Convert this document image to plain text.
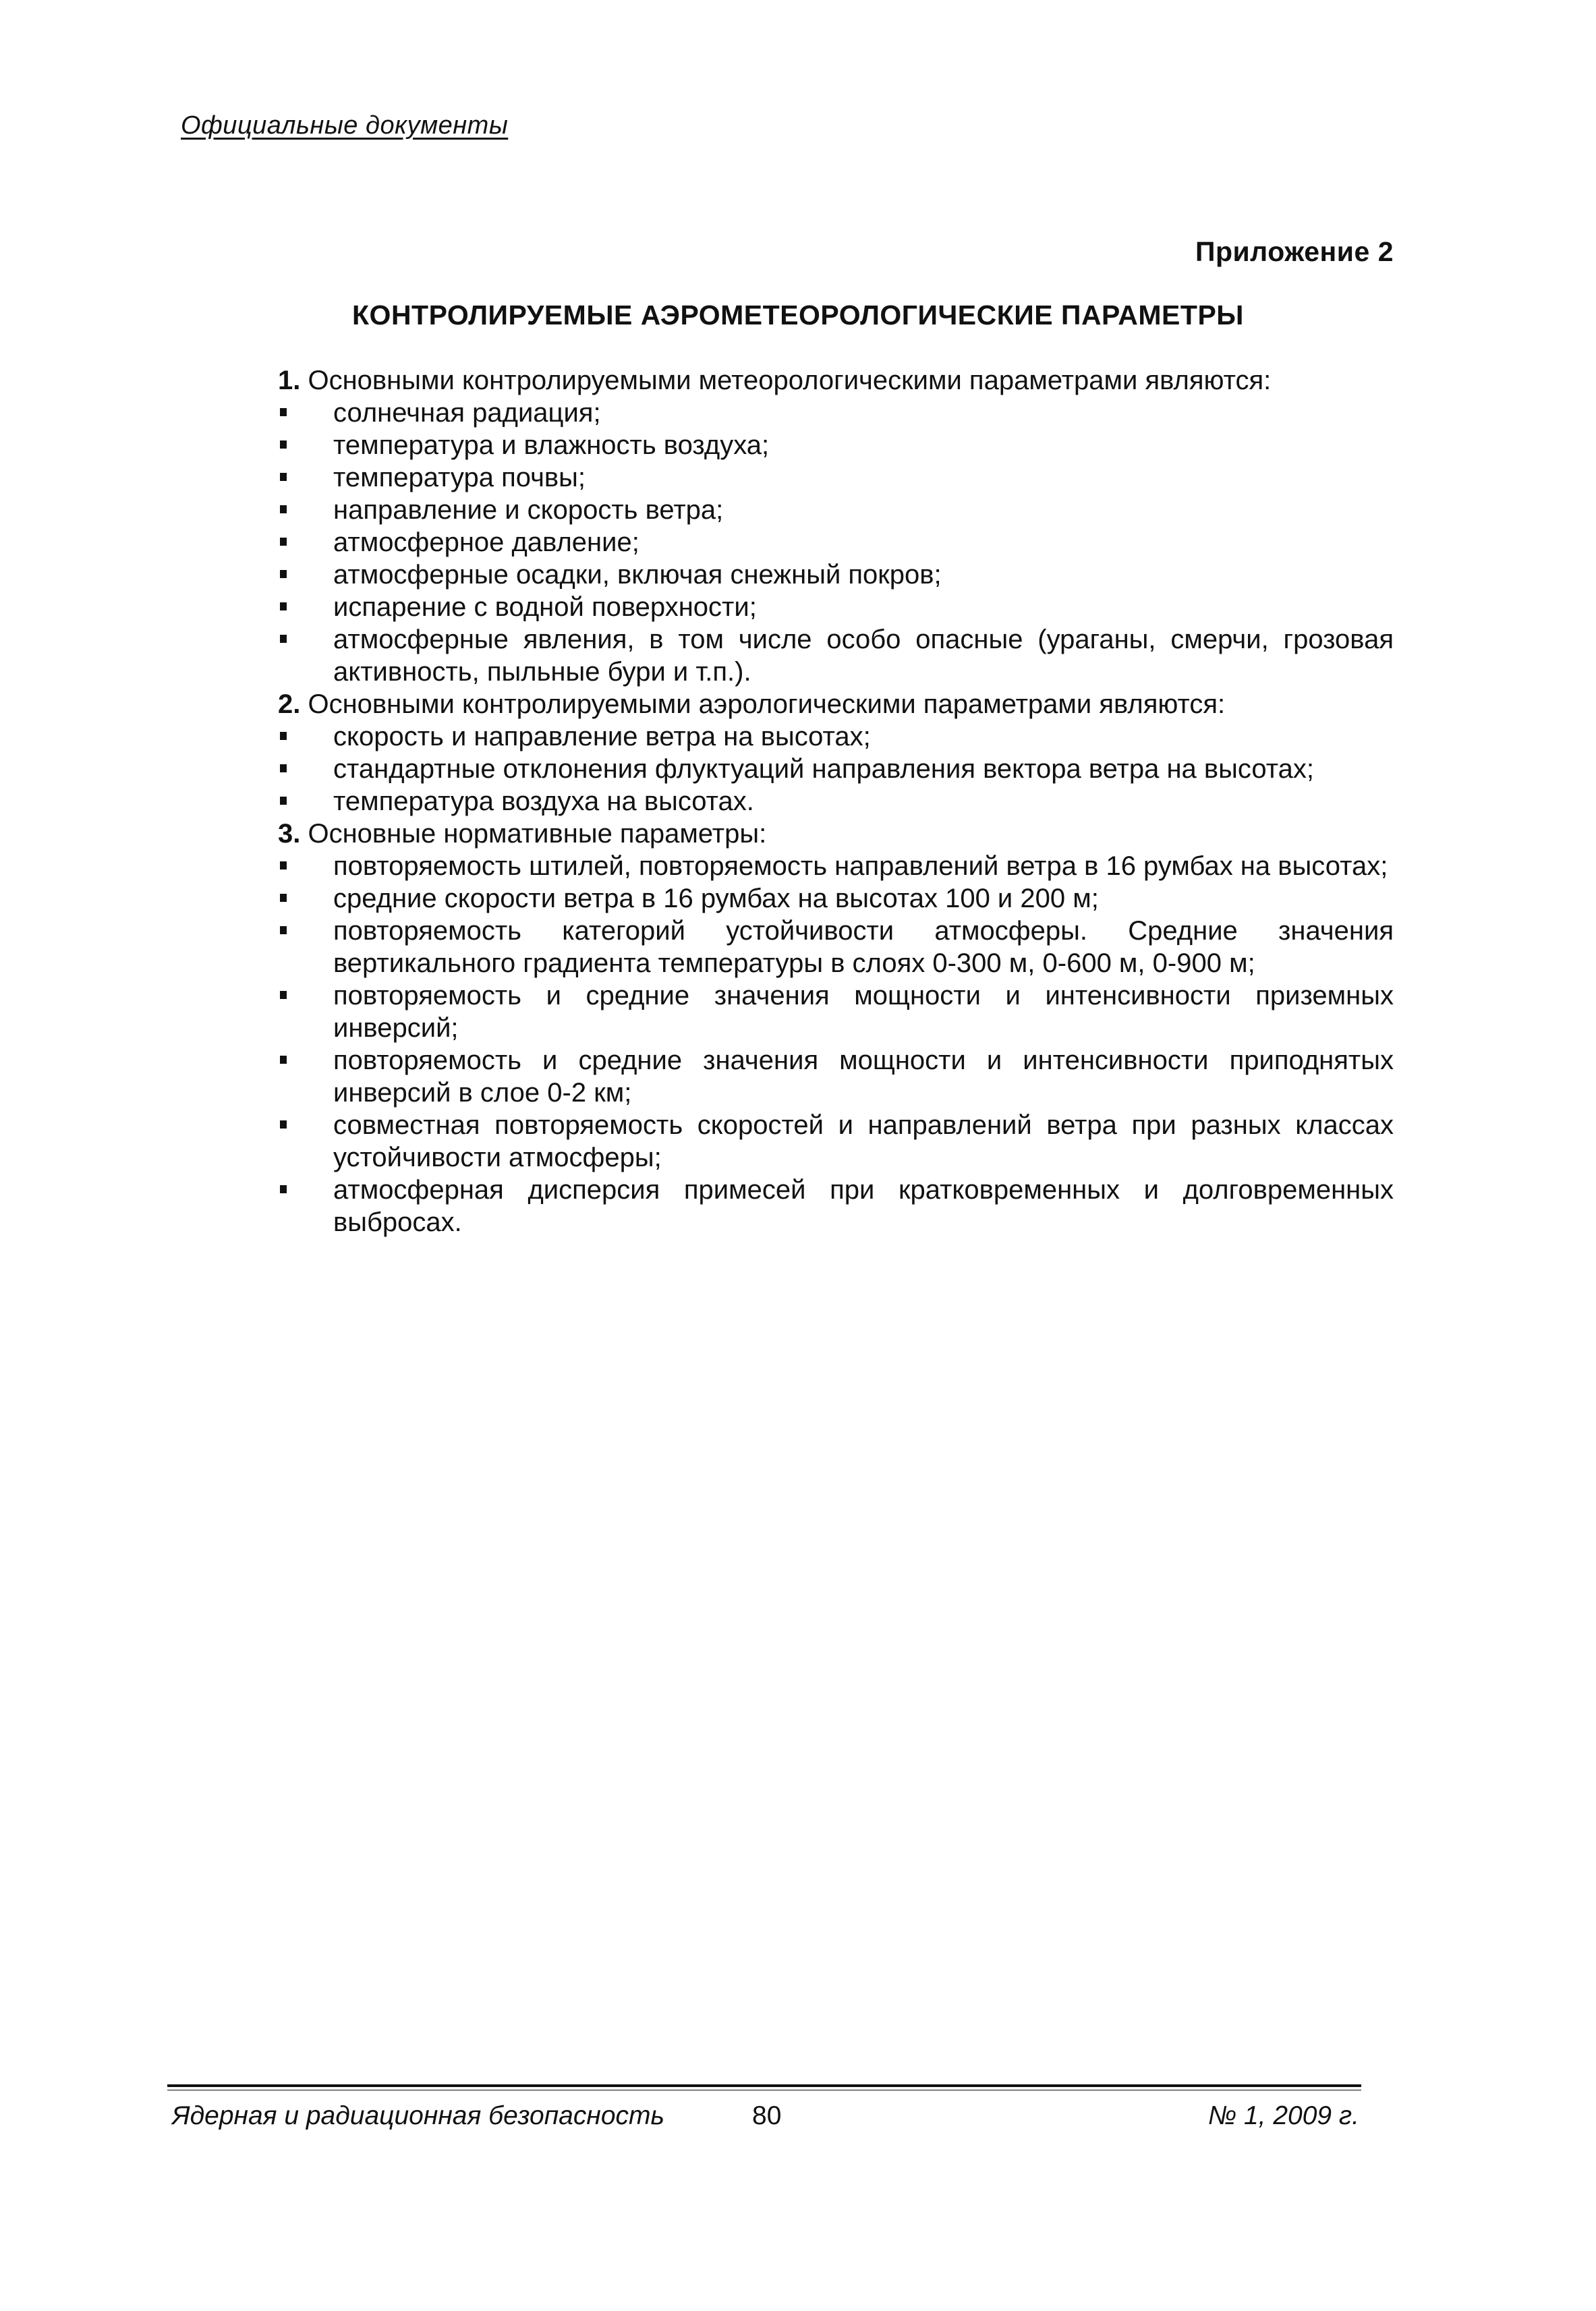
Официальные документы
Приложение 2
КОНТРОЛИРУЕМЫЕ АЭРОМЕТЕОРОЛОГИЧЕСКИЕ ПАРАМЕТРЫ

1. Основными контролируемыми метеорологическими параметрами являются:

солнечная радиация;
температура и влажность воздуха;
температура почвы;
направление и скорость ветра;
атмосферное давление;
атмосферные осадки, включая снежный покров;
испарение с водной поверхности;
атмосферные явления, в том числе особо опасные (ураганы, смерчи, грозовая активность, пыльные бури и т.п.).

2. Основными контролируемыми аэрологическими параметрами являются:

скорость и направление ветра на высотах;
стандартные отклонения флуктуаций направления вектора ветра на высотах;
температура воздуха на высотах.

3. Основные нормативные параметры:

повторяемость штилей, повторяемость направлений ветра в 16 румбах на высотах;
средние скорости ветра в 16 румбах на высотах 100 и 200 м;
повторяемость категорий устойчивости атмосферы. Средние значения вертикального градиента температуры в слоях 0-300 м, 0-600 м, 0-900 м;
повторяемость и средние значения мощности и интенсивности приземных инверсий;
повторяемость и средние значения мощности и интенсивности приподнятых инверсий в слое 0-2 км;
совместная повторяемость скоростей и направлений ветра при разных классах устойчивости атмосферы;
атмосферная дисперсия примесей при кратковременных и долговременных выбросах.
Ядерная и радиационная безопасность	80	№ 1, 2009 г.
